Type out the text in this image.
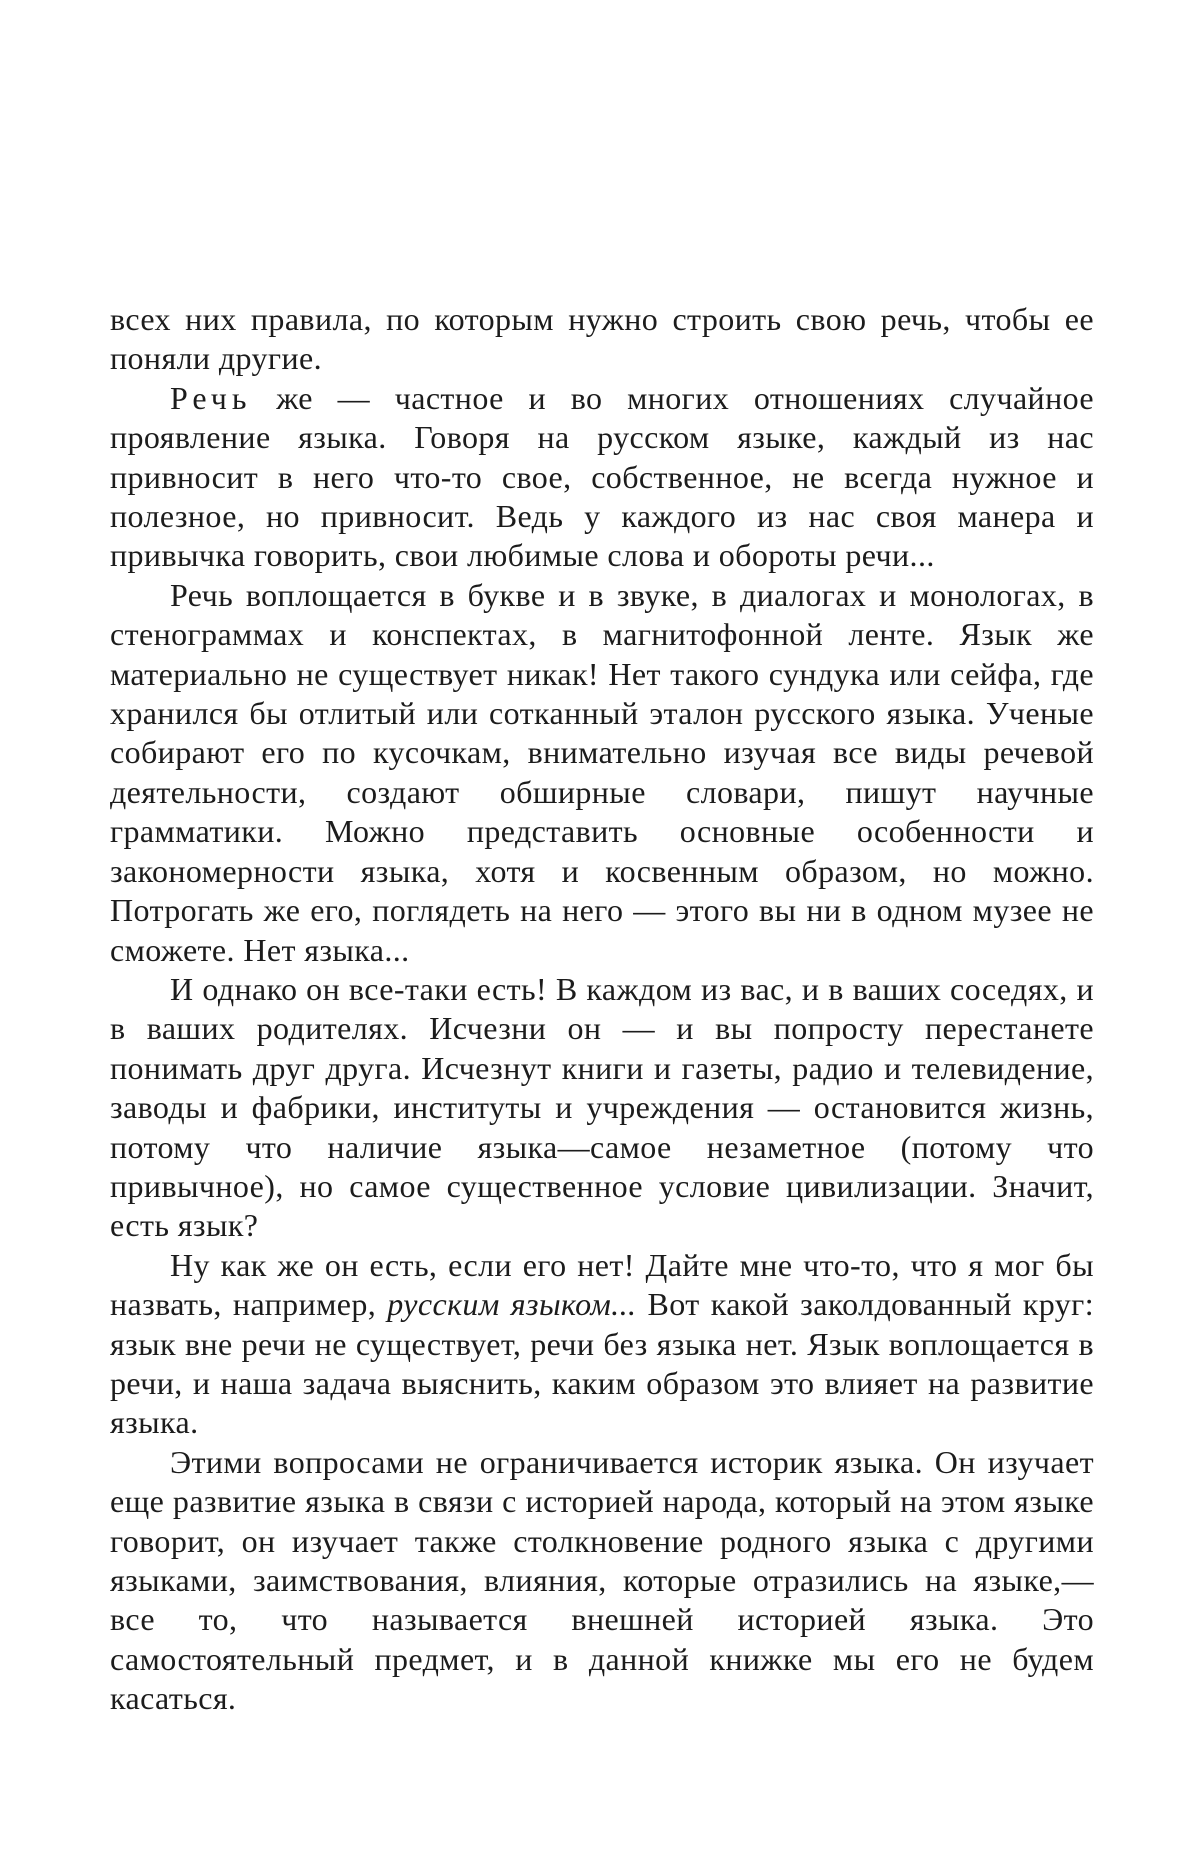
всех них правила, по которым нужно строить свою речь, чтобы ее поняли другие.

Речь же — частное и во многих отношениях случайное проявление языка. Говоря на русском языке, каждый из нас привносит в него что-то свое, собственное, не всегда нужное и полезное, но привносит. Ведь у каждого из нас своя манера и привычка говорить, свои любимые слова и обороты речи...

Речь воплощается в букве и в звуке, в диалогах и монологах, в стенограммах и конспектах, в магнитофонной ленте. Язык же материально не существует никак! Нет такого сундука или сейфа, где хранился бы отлитый или сотканный эталон русского языка. Ученые собирают его по кусочкам, внимательно изучая все виды речевой деятельности, создают обширные словари, пишут научные грамматики. Можно представить основные особенности и закономерности языка, хотя и косвенным образом, но можно. Потрогать же его, поглядеть на него — этого вы ни в одном музее не сможете. Нет языка...

И однако он все-таки есть! В каждом из вас, и в ваших соседях, и в ваших родителях. Исчезни он — и вы попросту перестанете понимать друг друга. Исчезнут книги и газеты, радио и телевидение, заводы и фабрики, институты и учреждения — остановится жизнь, потому что наличие языка—самое незаметное (потому что привычное), но самое существенное условие цивилизации. Значит, есть язык?

Ну как же он есть, если его нет! Дайте мне что-то, что я мог бы назвать, например, русским языком... Вот какой заколдованный круг: язык вне речи не существует, речи без языка нет. Язык воплощается в речи, и наша задача выяснить, каким образом это влияет на развитие языка.

Этими вопросами не ограничивается историк языка. Он изучает еще развитие языка в связи с историей народа, который на этом языке говорит, он изучает также столкновение родного языка с другими языками, заимствования, влияния, которые отразились на языке,— все то, что называется внешней историей языка. Это самостоятельный предмет, и в данной книжке мы его не будем касаться.
